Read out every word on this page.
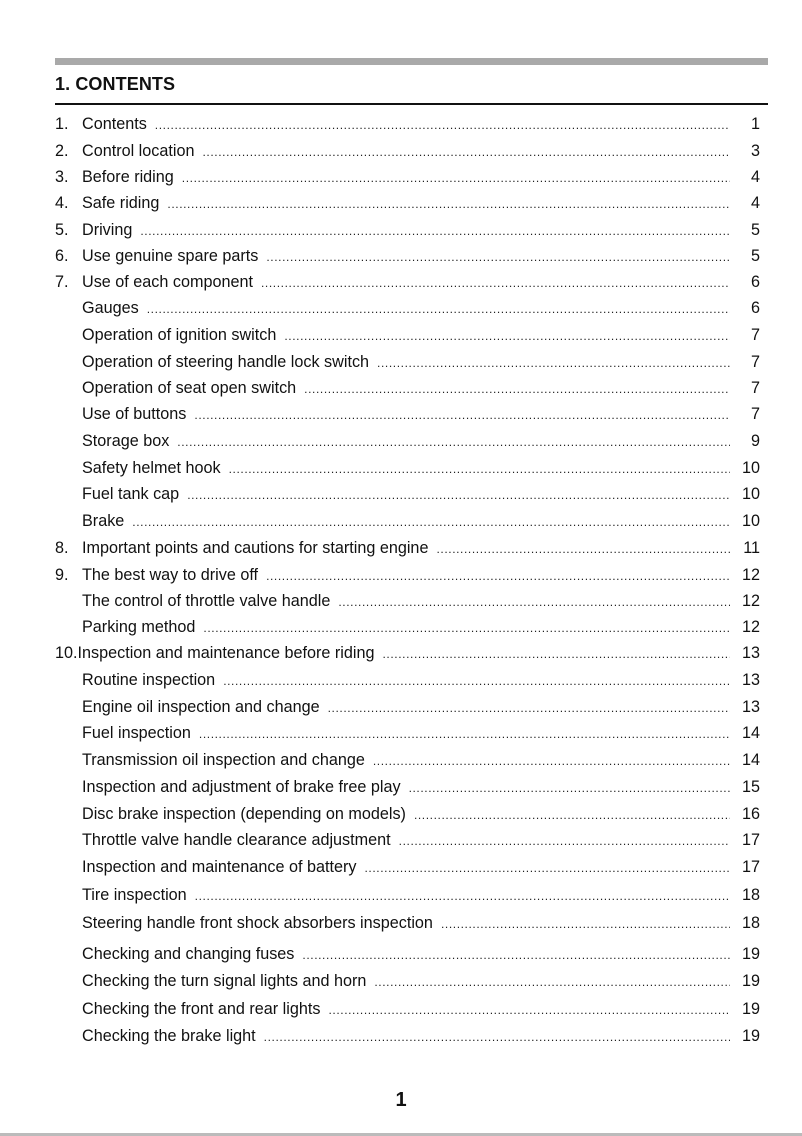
1. CONTENTS
1. Contents .....	1
2. Control location .....	3
3. Before riding .....	4
4. Safe riding .....	4
5. Driving .....	5
6. Use genuine spare parts .....	5
7. Use of each component .....	6
Gauges .....	6
Operation of ignition switch .....	7
Operation of steering handle lock switch .....	7
Operation of seat open switch .....	7
Use of buttons .....	7
Storage box .....	9
Safety helmet hook .....	10
Fuel tank cap .....	10
Brake .....	10
8. Important points and cautions for starting engine .....	11
9. The best way to drive off .....	12
The control of throttle valve handle .....	12
Parking method .....	12
10. Inspection and maintenance before riding .....	13
Routine inspection .....	13
Engine oil inspection and change .....	13
Fuel inspection .....	14
Transmission oil inspection and change .....	14
Inspection and adjustment of brake free play .....	15
Disc brake inspection (depending on models) .....	16
Throttle valve handle clearance adjustment .....	17
Inspection and maintenance of battery .....	17
Tire inspection .....	18
Steering handle front shock absorbers inspection .....	18
Checking and changing fuses .....	19
Checking the turn signal lights and horn .....	19
Checking the front and rear lights .....	19
Checking the brake light .....	19
1
